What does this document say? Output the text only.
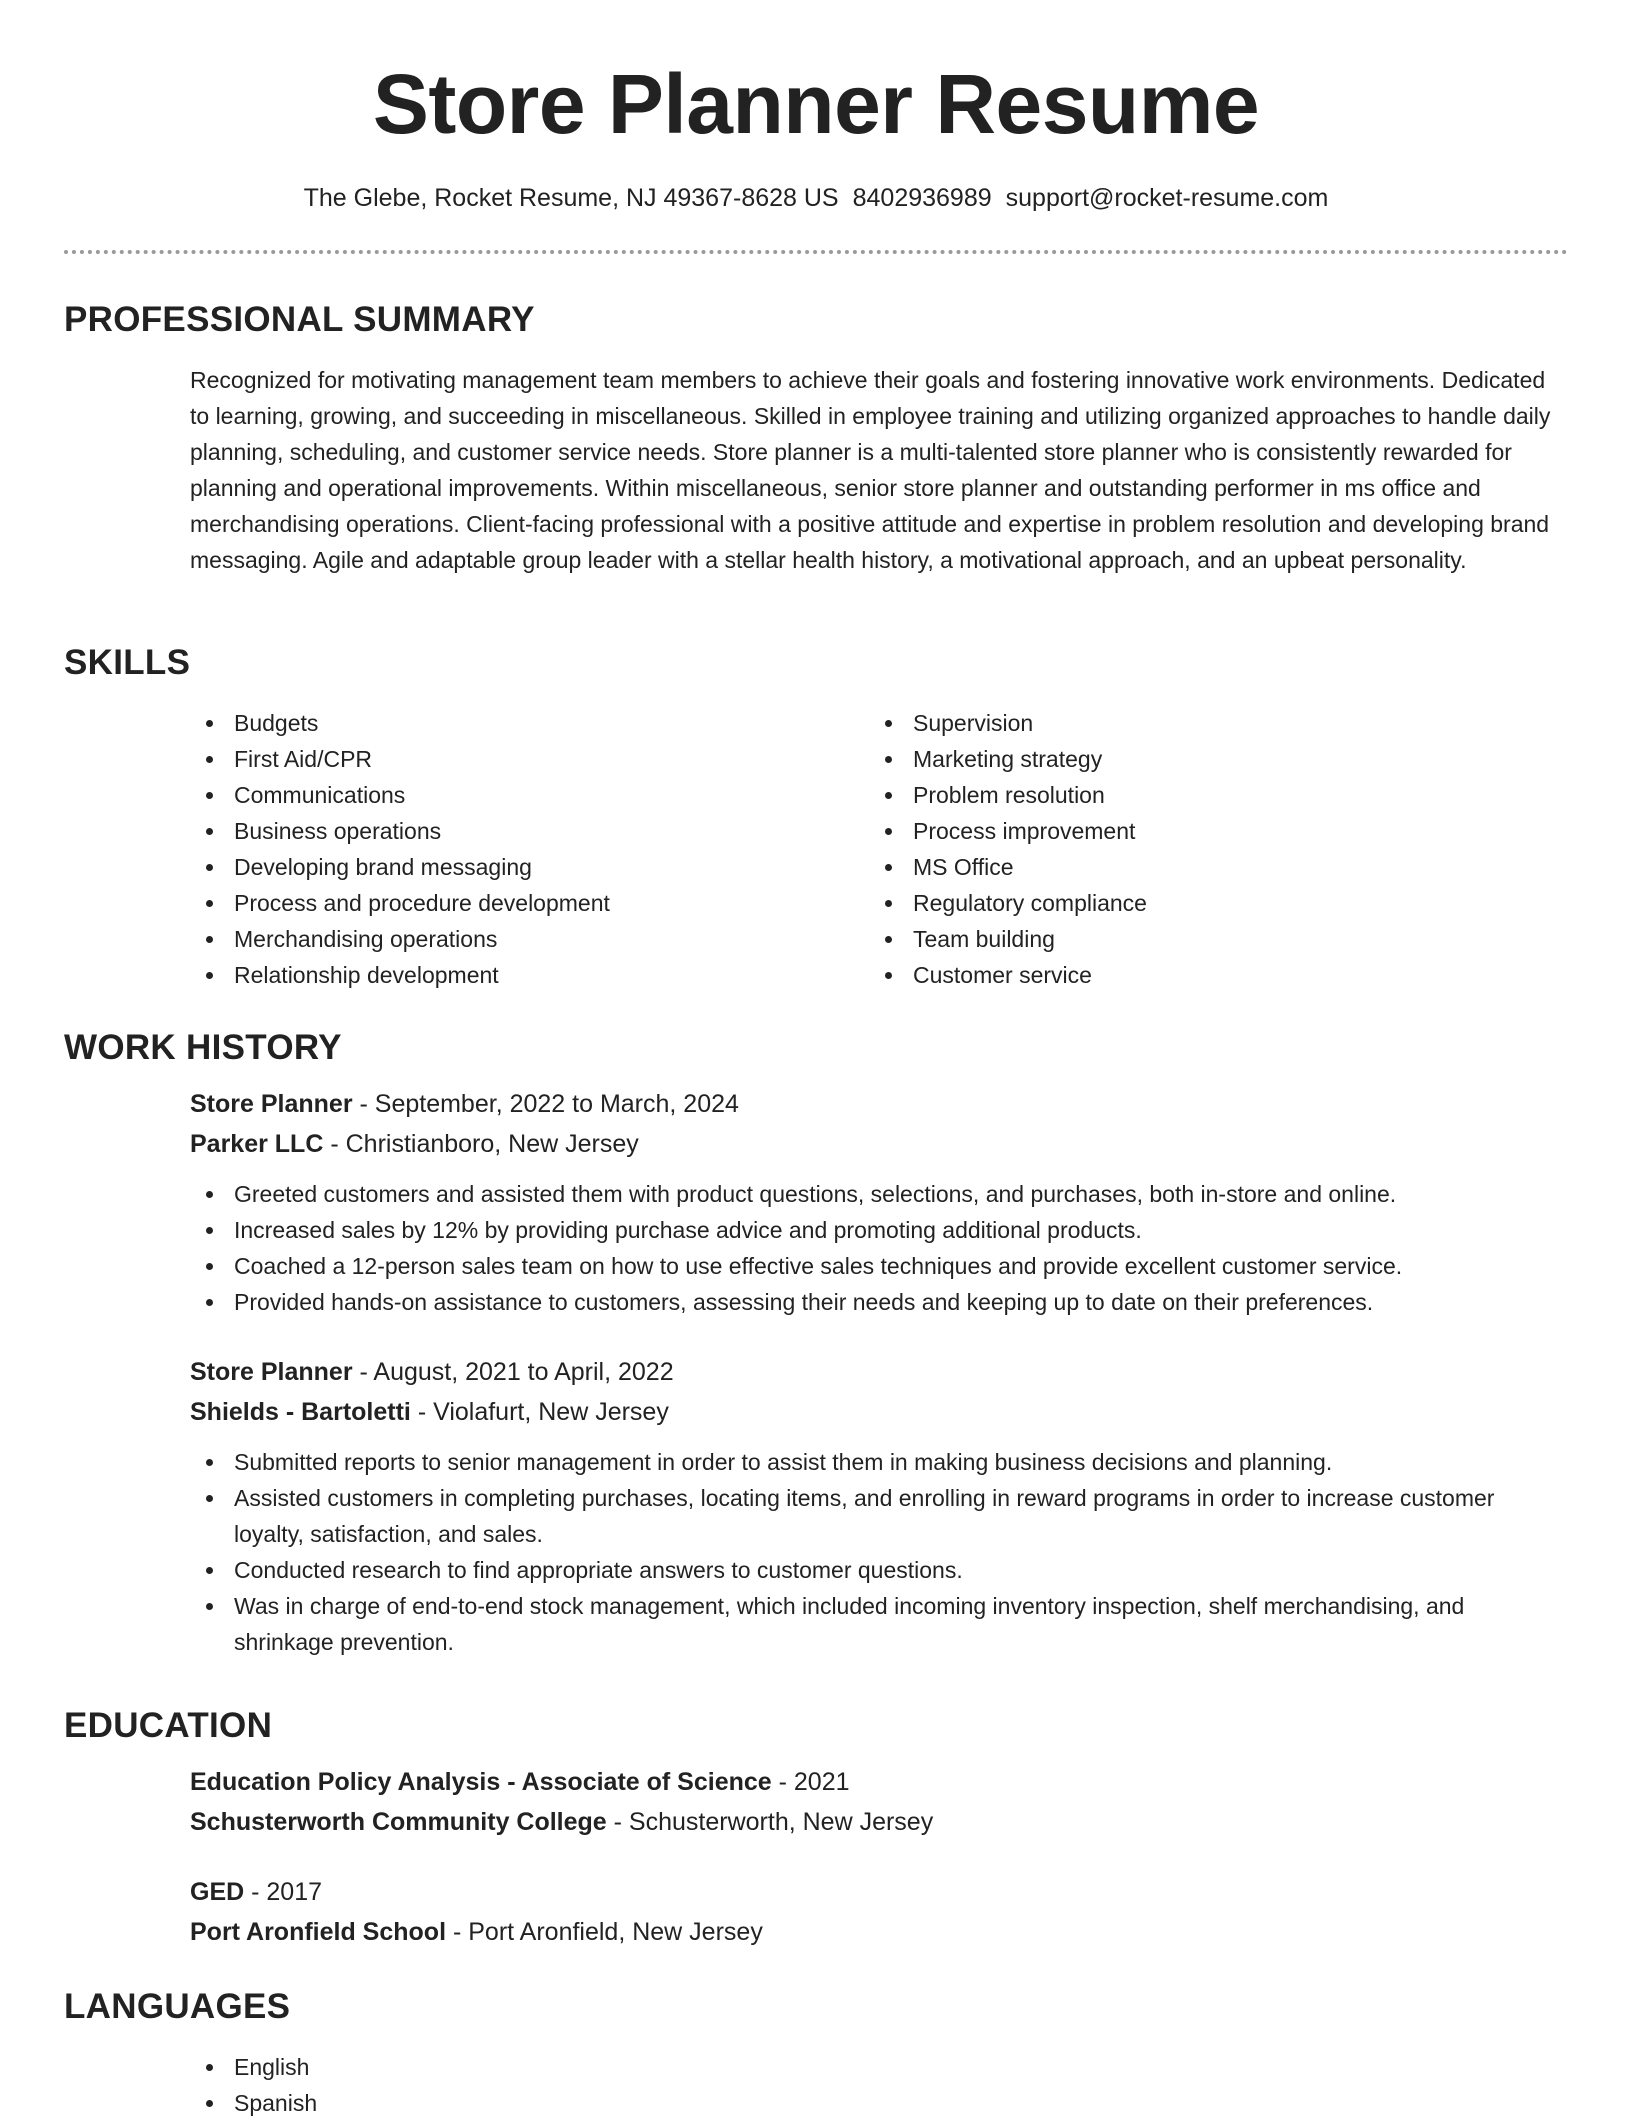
Store Planner Resume
The Glebe, Rocket Resume, NJ 49367-8628 US 8402936989 support@rocket-resume.com
PROFESSIONAL SUMMARY

Recognized for motivating management team members to achieve their goals and fostering innovative work environments. Dedicated to learning, growing, and succeeding in miscellaneous. Skilled in employee training and utilizing organized approaches to handle daily planning, scheduling, and customer service needs. Store planner is a multi-talented store planner who is consistently rewarded for planning and operational improvements. Within miscellaneous, senior store planner and outstanding performer in ms office and merchandising operations. Client-facing professional with a positive attitude and expertise in problem resolution and developing brand messaging. Agile and adaptable group leader with a stellar health history, a motivational approach, and an upbeat personality.

SKILLS
Budgets
First Aid/CPR
Communications
Business operations
Developing brand messaging
Process and procedure development
Merchandising operations
Relationship development
Supervision
Marketing strategy
Problem resolution
Process improvement
MS Office
Regulatory compliance
Team building
Customer service
WORK HISTORY

Store Planner - September, 2022 to March, 2024

Parker LLC - Christianboro, New Jersey

Greeted customers and assisted them with product questions, selections, and purchases, both in-store and online.
Increased sales by 12% by providing purchase advice and promoting additional products.
Coached a 12-person sales team on how to use effective sales techniques and provide excellent customer service.
Provided hands-on assistance to customers, assessing their needs and keeping up to date on their preferences.

Store Planner - August, 2021 to April, 2022

Shields - Bartoletti - Violafurt, New Jersey

Submitted reports to senior management in order to assist them in making business decisions and planning.
Assisted customers in completing purchases, locating items, and enrolling in reward programs in order to increase customer loyalty, satisfaction, and sales.
Conducted research to find appropriate answers to customer questions.
Was in charge of end-to-end stock management, which included incoming inventory inspection, shelf merchandising, and shrinkage prevention.
EDUCATION

Education Policy Analysis - Associate of Science - 2021

Schusterworth Community College - Schusterworth, New Jersey

GED - 2017

Port Aronfield School - Port Aronfield, New Jersey

LANGUAGES
English
Spanish
